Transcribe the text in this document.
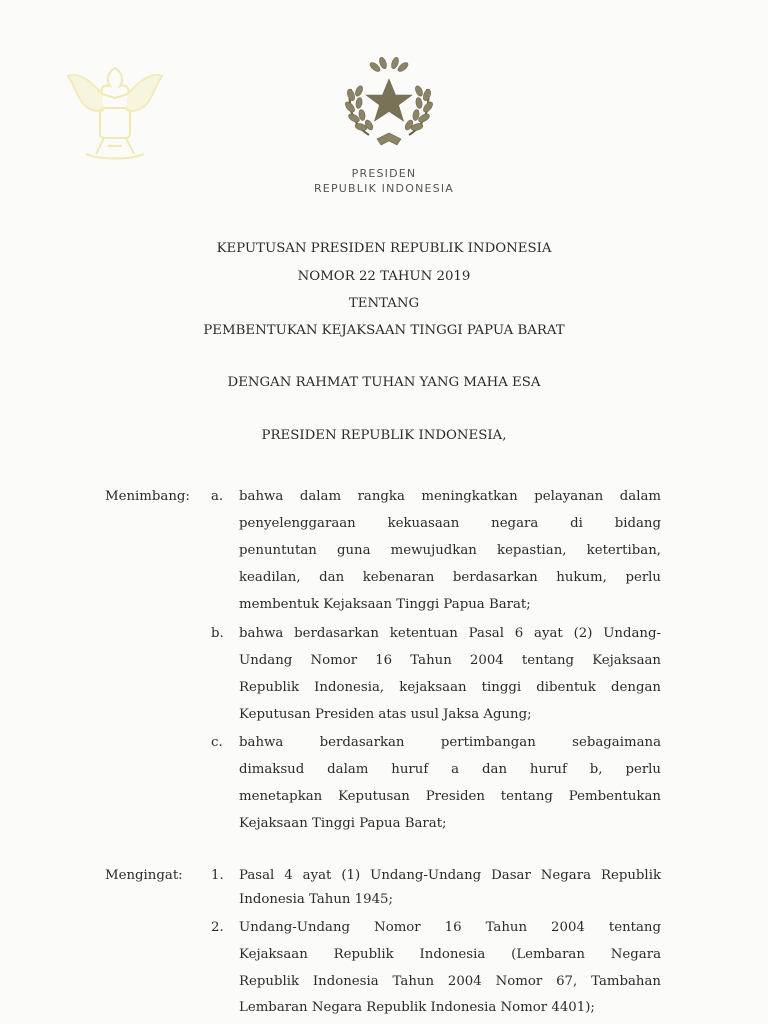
PRESIDEN
REPUBLIK INDONESIA
KEPUTUSAN PRESIDEN REPUBLIK INDONESIA
NOMOR 22 TAHUN 2019
TENTANG
PEMBENTUKAN KEJAKSAAN TINGGI PAPUA BARAT
DENGAN RAHMAT TUHAN YANG MAHA ESA
PRESIDEN REPUBLIK INDONESIA,
Menimbang: a. bahwa dalam rangka meningkatkan pelayanan dalam
penyelenggaraan kekuasaan negara di bidang
penuntutan guna mewujudkan kepastian, ketertiban,
keadilan, dan kebenaran berdasarkan hukum, perlu
membentuk Kejaksaan Tinggi Papua Barat;
b. bahwa berdasarkan ketentuan Pasal 6 ayat (2) Undang-
Undang Nomor 16 Tahun 2004 tentang Kejaksaan
Republik Indonesia, kejaksaan tinggi dibentuk dengan
Keputusan Presiden atas usul Jaksa Agung;
c. bahwa berdasarkan pertimbangan sebagaimana
dimaksud dalam huruf a dan huruf b, perlu
menetapkan Keputusan Presiden tentang Pembentukan
Kejaksaan Tinggi Papua Barat;
Mengingat: 1. Pasal 4 ayat (1) Undang-Undang Dasar Negara Republik
Indonesia Tahun 1945;
2. Undang-Undang Nomor 16 Tahun 2004 tentang
Kejaksaan Republik Indonesia (Lembaran Negara
Republik Indonesia Tahun 2004 Nomor 67, Tambahan
Lembaran Negara Republik Indonesia Nomor 4401);
